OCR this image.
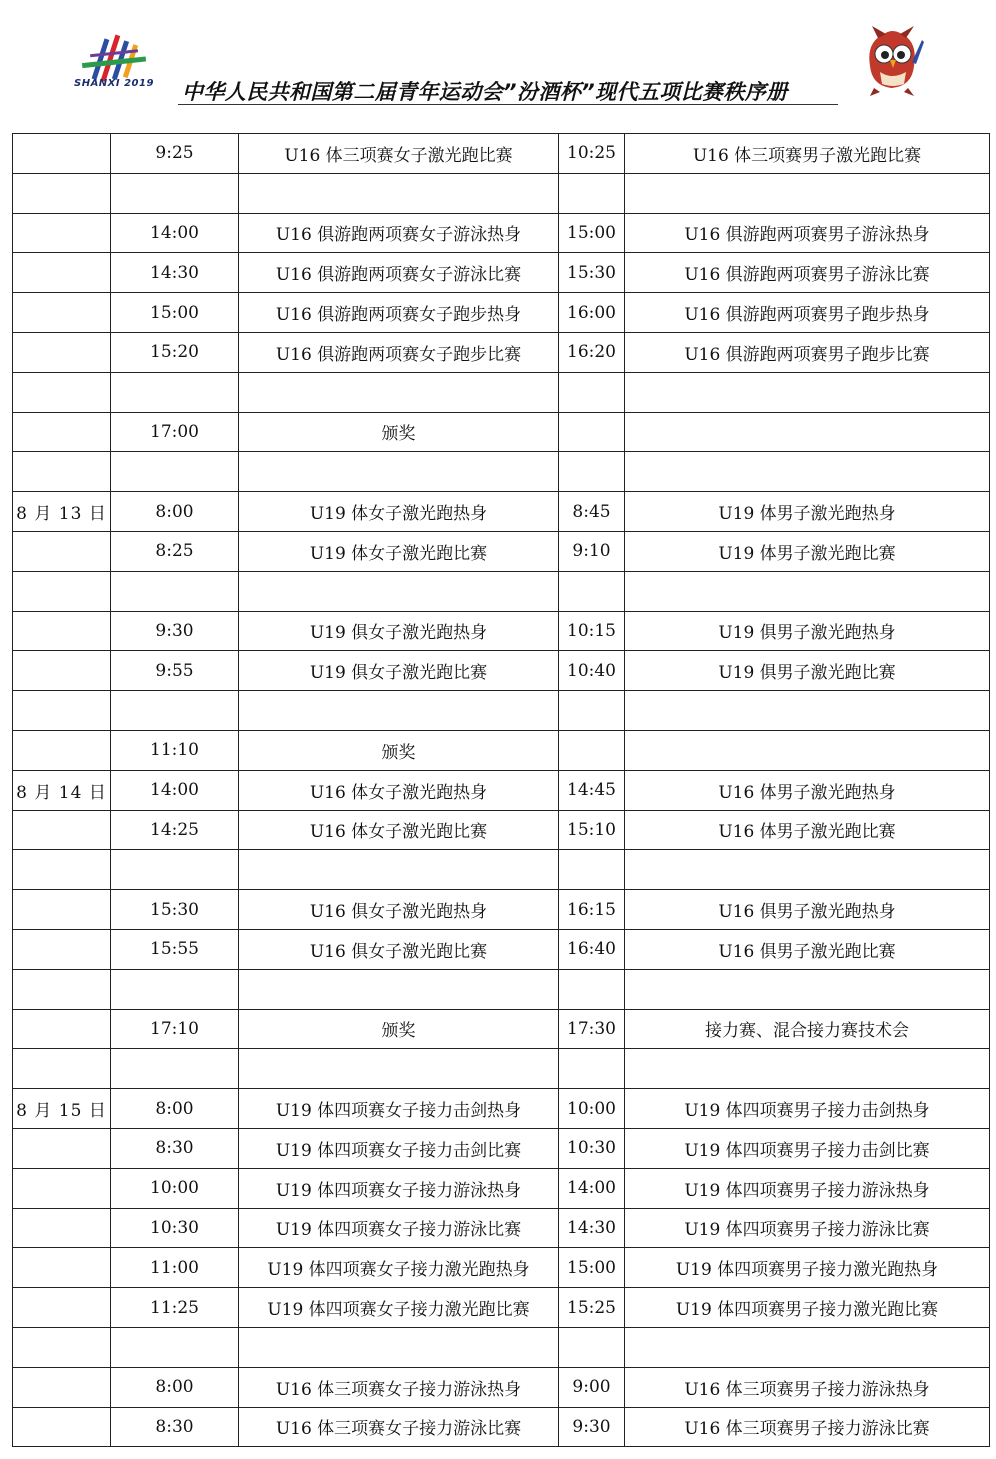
SHANXI 2019 中华人民共和国第二届青年运动会”汾酒杯”现代五项比赛秩序册
	9:25	U16 体三项赛女子激光跑比赛	10:25	U16 体三项赛男子激光跑比赛

	14:00	U16 俱游跑两项赛女子游泳热身	15:00	U16 俱游跑两项赛男子游泳热身
	14:30	U16 俱游跑两项赛女子游泳比赛	15:30	U16 俱游跑两项赛男子游泳比赛
	15:00	U16 俱游跑两项赛女子跑步热身	16:00	U16 俱游跑两项赛男子跑步热身
	15:20	U16 俱游跑两项赛女子跑步比赛	16:20	U16 俱游跑两项赛男子跑步比赛

	17:00	颁奖		

8 月 13 日	8:00	U19 体女子激光跑热身	8:45	U19 体男子激光跑热身
	8:25	U19 体女子激光跑比赛	9:10	U19 体男子激光跑比赛

	9:30	U19 俱女子激光跑热身	10:15	U19 俱男子激光跑热身
	9:55	U19 俱女子激光跑比赛	10:40	U19 俱男子激光跑比赛

	11:10	颁奖		
8 月 14 日	14:00	U16 体女子激光跑热身	14:45	U16 体男子激光跑热身
	14:25	U16 体女子激光跑比赛	15:10	U16 体男子激光跑比赛

	15:30	U16 俱女子激光跑热身	16:15	U16 俱男子激光跑热身
	15:55	U16 俱女子激光跑比赛	16:40	U16 俱男子激光跑比赛

	17:10	颁奖	17:30	接力赛、混合接力赛技术会

8 月 15 日	8:00	U19 体四项赛女子接力击剑热身	10:00	U19 体四项赛男子接力击剑热身
	8:30	U19 体四项赛女子接力击剑比赛	10:30	U19 体四项赛男子接力击剑比赛
	10:00	U19 体四项赛女子接力游泳热身	14:00	U19 体四项赛男子接力游泳热身
	10:30	U19 体四项赛女子接力游泳比赛	14:30	U19 体四项赛男子接力游泳比赛
	11:00	U19 体四项赛女子接力激光跑热身	15:00	U19 体四项赛男子接力激光跑热身
	11:25	U19 体四项赛女子接力激光跑比赛	15:25	U19 体四项赛男子接力激光跑比赛

	8:00	U16 体三项赛女子接力游泳热身	9:00	U16 体三项赛男子接力游泳热身
	8:30	U16 体三项赛女子接力游泳比赛	9:30	U16 体三项赛男子接力游泳比赛
